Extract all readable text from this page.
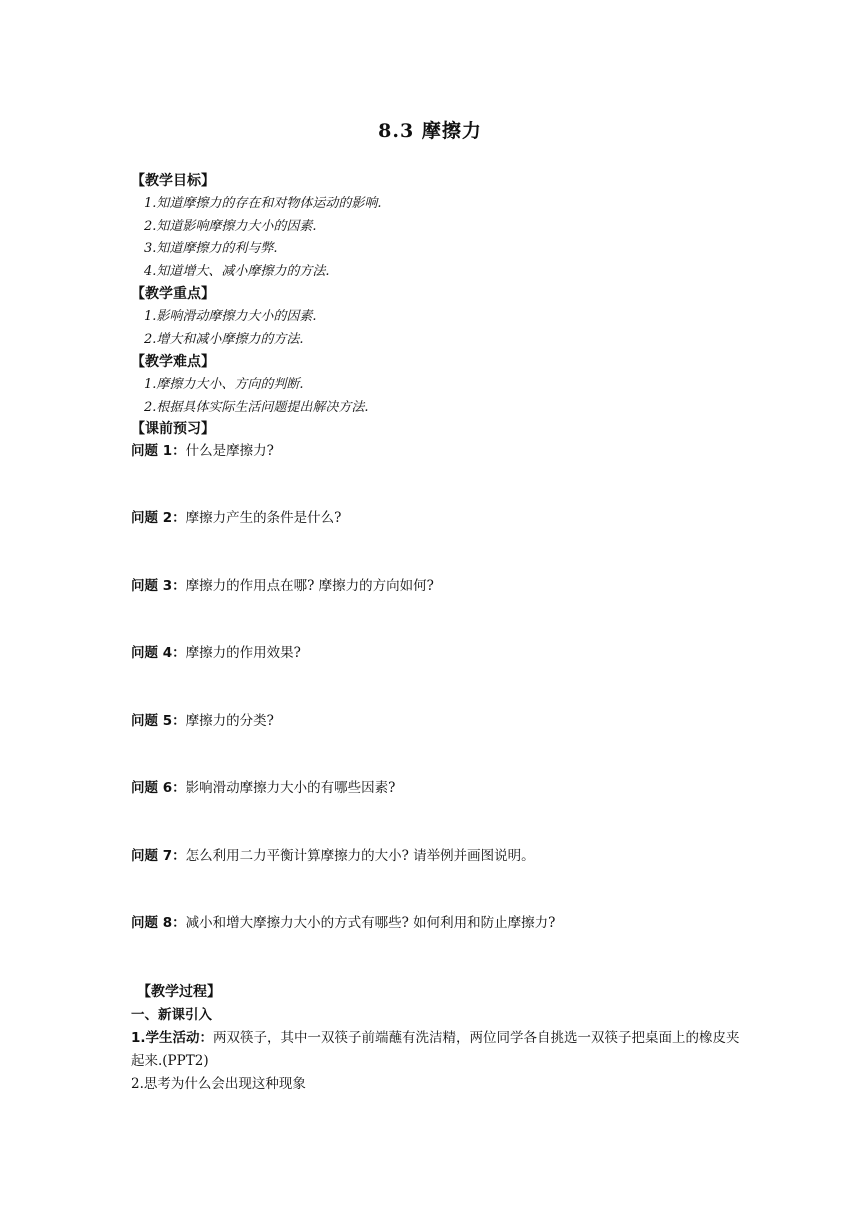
8.3 摩擦力
【教学目标】
1.知道摩擦力的存在和对物体运动的影响.
2.知道影响摩擦力大小的因素.
3.知道摩擦力的利与弊.
4.知道增大、减小摩擦力的方法.
【教学重点】
1.影响滑动摩擦力大小的因素.
2.增大和减小摩擦力的方法.
【教学难点】
1.摩擦力大小、方向的判断.
2.根据具体实际生活问题提出解决方法.
【课前预习】
问题 1：什么是摩擦力?
问题 2：摩擦力产生的条件是什么?
问题 3：摩擦力的作用点在哪? 摩擦力的方向如何?
问题 4：摩擦力的作用效果?
问题 5：摩擦力的分类?
问题 6：影响滑动摩擦力大小的有哪些因素?
问题 7：怎么利用二力平衡计算摩擦力的大小? 请举例并画图说明。
问题 8：减小和增大摩擦力大小的方式有哪些? 如何利用和防止摩擦力?
【教学过程】
一、新课引入
1.学生活动：两双筷子，其中一双筷子前端蘸有洗洁精，两位同学各自挑选一双筷子把桌面上的橡皮夹起来.(PPT2)
2.思考为什么会出现这种现象
